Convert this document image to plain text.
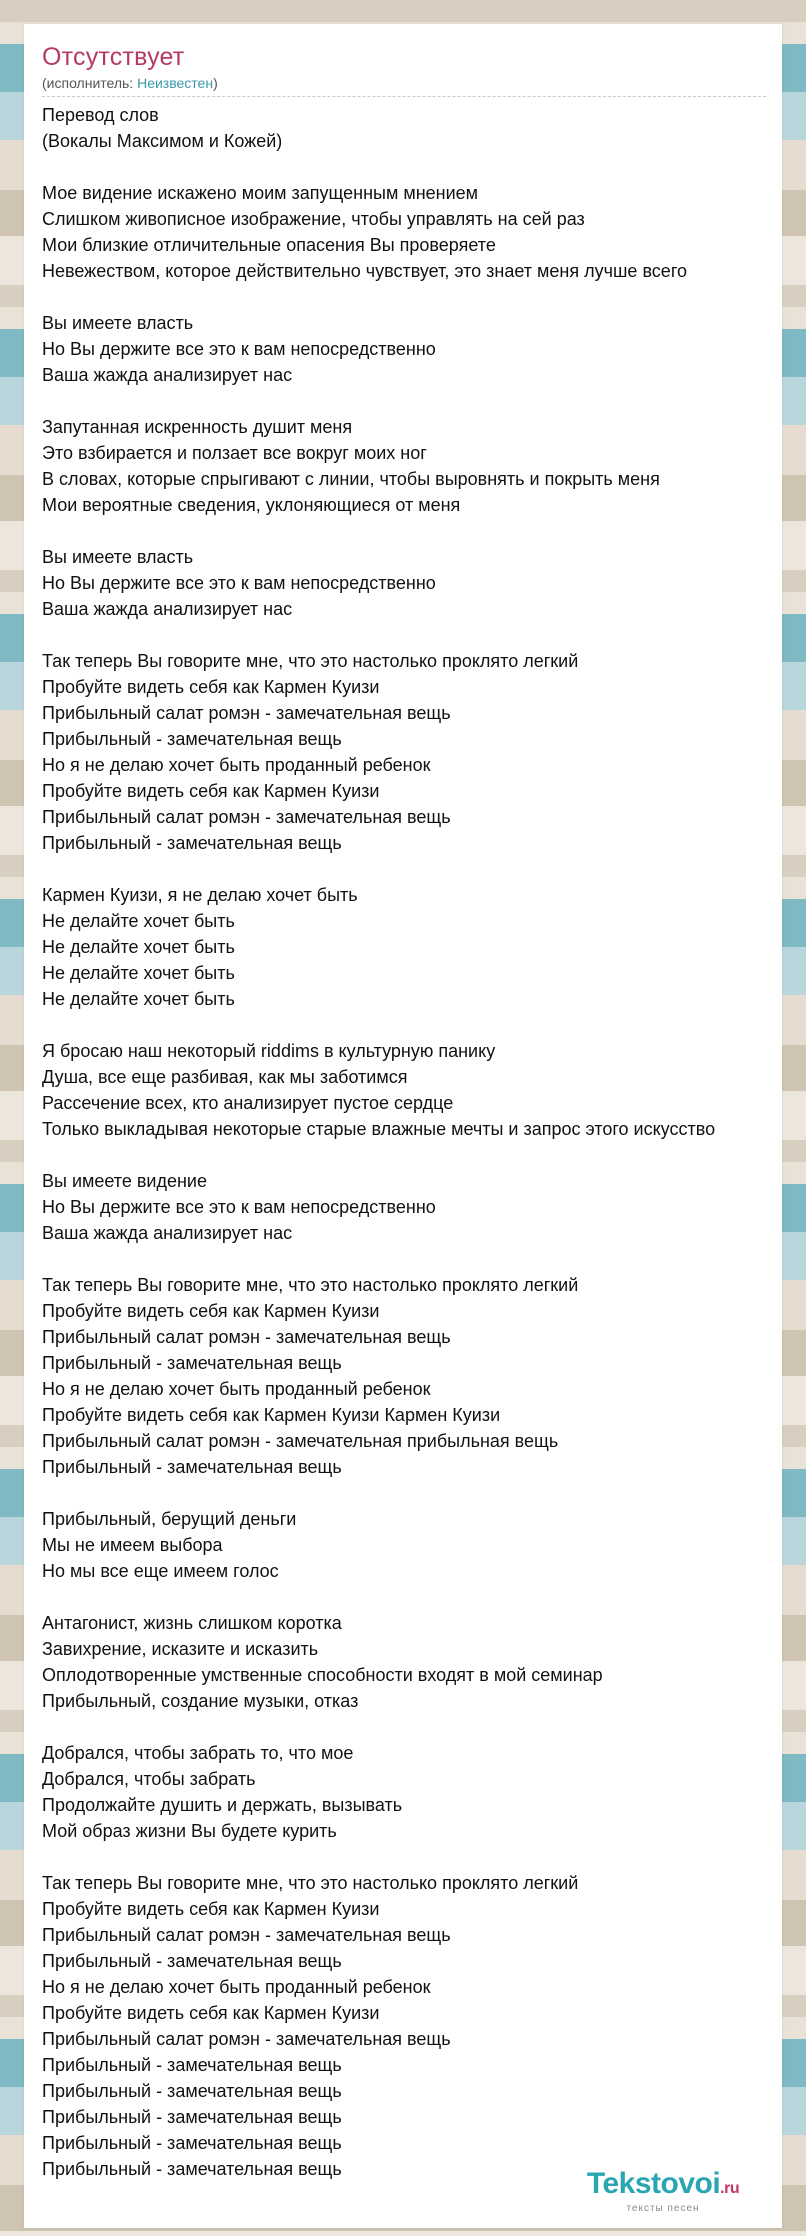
Отсутствует
(исполнитель: Неизвестен)
Перевод слов
(Вокалы Максимом и Кожей)
Мое видение искажено моим запущенным мнением
Слишком живописное изображение, чтобы управлять на сей раз
Мои близкие отличительные опасения Вы проверяете
Невежеством, которое действительно чувствует, это знает меня лучше всего
Вы имеете власть
Но Вы держите все это к вам непосредственно
Ваша жажда анализирует нас
Запутанная искренность душит меня
Это взбирается и ползает все вокруг моих ног
В словах, которые спрыгивают с линии, чтобы выровнять и покрыть меня
Мои вероятные сведения, уклоняющиеся от меня
Вы имеете власть
Но Вы держите все это к вам непосредственно
Ваша жажда анализирует нас
Так теперь Вы говорите мне, что это настолько проклято легкий
Пробуйте видеть себя как Кармен Куизи
Прибыльный салат ромэн - замечательная вещь
Прибыльный - замечательная вещь
Но я не делаю хочет быть проданный ребенок
Пробуйте видеть себя как Кармен Куизи
Прибыльный салат ромэн - замечательная вещь
Прибыльный - замечательная вещь
Кармен Куизи, я не делаю хочет быть
Не делайте хочет быть
Не делайте хочет быть
Не делайте хочет быть
Не делайте хочет быть
Я бросаю наш некоторый riddims в культурную панику
Душа, все еще разбивая, как мы заботимся
Рассечение всех, кто анализирует пустое сердце
Только выкладывая некоторые старые влажные мечты и запрос этого искусство
Вы имеете видение
Но Вы держите все это к вам непосредственно
Ваша жажда анализирует нас
Так теперь Вы говорите мне, что это настолько проклято легкий
Пробуйте видеть себя как Кармен Куизи
Прибыльный салат ромэн - замечательная вещь
Прибыльный - замечательная вещь
Но я не делаю хочет быть проданный ребенок
Пробуйте видеть себя как Кармен Куизи Кармен Куизи
Прибыльный салат ромэн - замечательная прибыльная вещь
Прибыльный - замечательная вещь
Прибыльный, берущий деньги
Мы не имеем выбора
Но мы все еще имеем голос
Антагонист, жизнь слишком коротка
Завихрение, исказите и исказить
Оплодотворенные умственные способности входят в мой семинар
Прибыльный, создание музыки, отказ
Добрался, чтобы забрать то, что мое
Добрался, чтобы забрать
Продолжайте душить и держать, вызывать
Мой образ жизни Вы будете курить
Так теперь Вы говорите мне, что это настолько проклято легкий
Пробуйте видеть себя как Кармен Куизи
Прибыльный салат ромэн - замечательная вещь
Прибыльный - замечательная вещь
Но я не делаю хочет быть проданный ребенок
Пробуйте видеть себя как Кармен Куизи
Прибыльный салат ромэн - замечательная вещь
Прибыльный - замечательная вещь
Прибыльный - замечательная вещь
Прибыльный - замечательная вещь
Прибыльный - замечательная вещь
Прибыльный - замечательная вещь	Tekstovoi.ru
тексты песен
